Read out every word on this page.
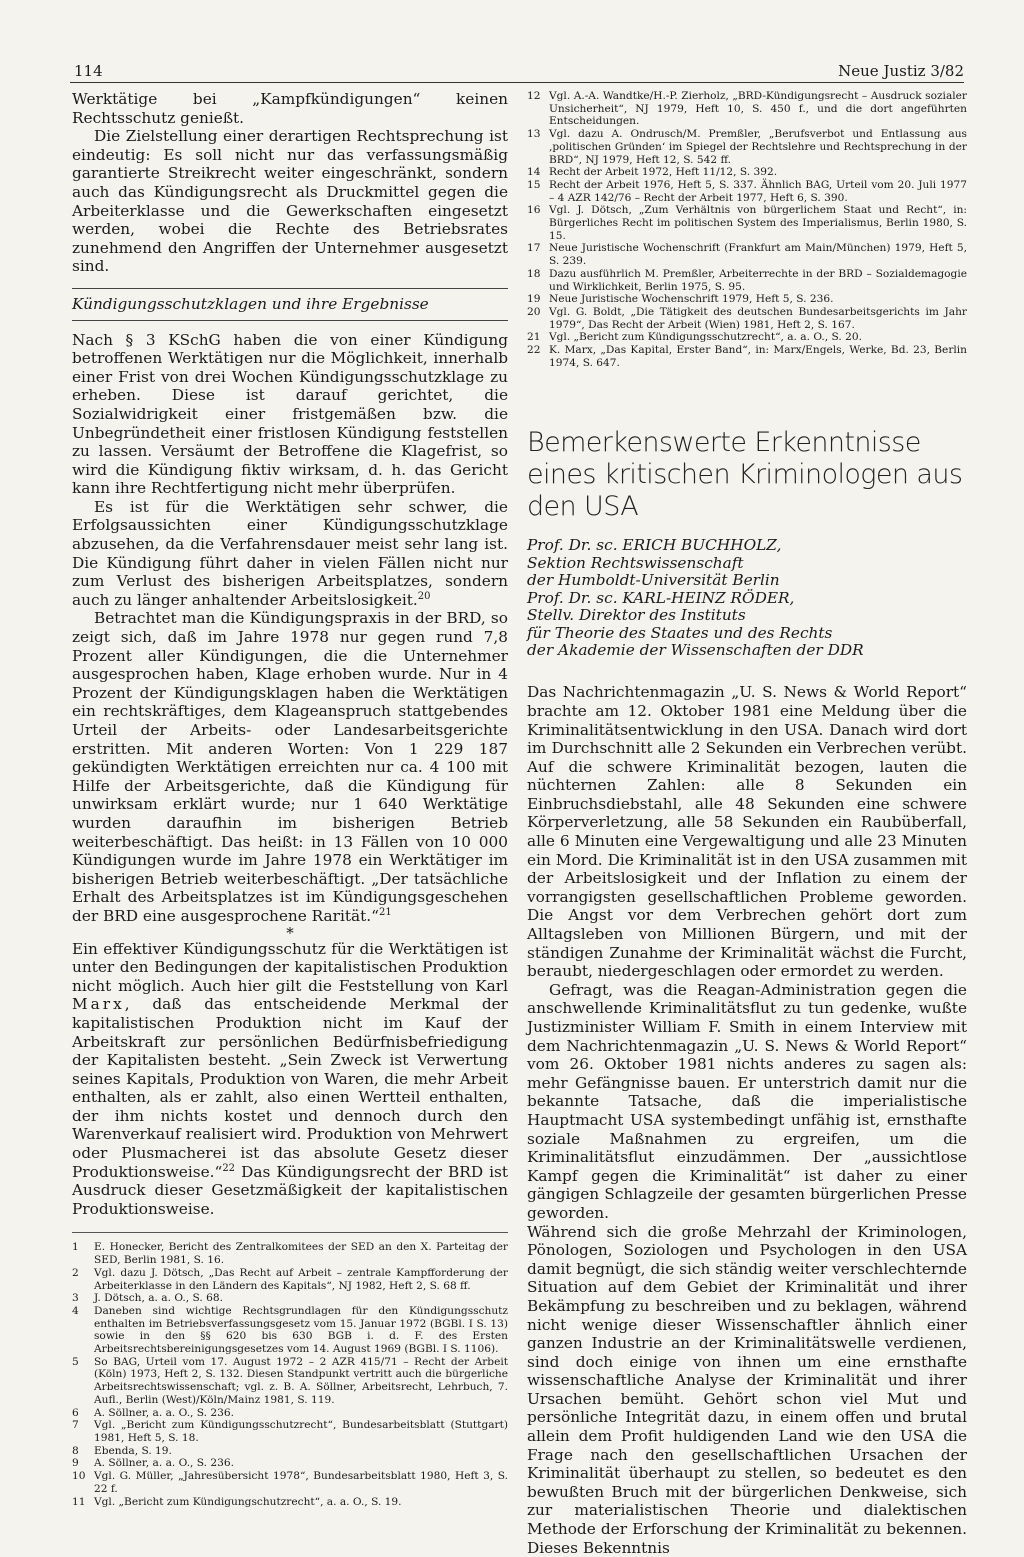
114	Neue Justiz 3/82

Werktätige bei „Kampfkündigungen“ keinen Rechtsschutz genießt.

Die Zielstellung einer derartigen Rechtsprechung ist eindeutig: Es soll nicht nur das verfassungsmäßig garantierte Streikrecht weiter eingeschränkt, sondern auch das Kündigungsrecht als Druckmittel gegen die Arbeiterklasse und die Gewerkschaften eingesetzt werden, wobei die Rechte des Betriebsrates zunehmend den Angriffen der Unternehmer ausgesetzt sind.

Kündigungsschutzklagen und ihre Ergebnisse

Nach § 3 KSchG haben die von einer Kündigung betroffenen Werktätigen nur die Möglichkeit, innerhalb einer Frist von drei Wochen Kündigungsschutzklage zu erheben. Diese ist darauf gerichtet, die Sozialwidrigkeit einer fristgemäßen bzw. die Unbegründetheit einer fristlosen Kündigung feststellen zu lassen. Versäumt der Betroffene die Klagefrist, so wird die Kündigung fiktiv wirksam, d. h. das Gericht kann ihre Rechtfertigung nicht mehr überprüfen.

Es ist für die Werktätigen sehr schwer, die Erfolgsaussichten einer Kündigungsschutzklage abzusehen, da die Verfahrensdauer meist sehr lang ist. Die Kündigung führt daher in vielen Fällen nicht nur zum Verlust des bisherigen Arbeitsplatzes, sondern auch zu länger anhaltender Arbeitslosigkeit.$^{20}$

Betrachtet man die Kündigungspraxis in der BRD, so zeigt sich, daß im Jahre 1978 nur gegen rund 7,8 Prozent aller Kündigungen, die die Unternehmer ausgesprochen haben, Klage erhoben wurde. Nur in 4 Prozent der Kündigungsklagen haben die Werktätigen ein rechtskräftiges, dem Klageanspruch stattgebendes Urteil der Arbeits- oder Landesarbeitsgerichte erstritten. Mit anderen Worten: Von 1 229 187 gekündigten Werktätigen erreichten nur ca. 4 100 mit Hilfe der Arbeitsgerichte, daß die Kündigung für unwirksam erklärt wurde; nur 1 640 Werktätige wurden daraufhin im bisherigen Betrieb weiterbeschäftigt. Das heißt: in 13 Fällen von 10 000 Kündigungen wurde im Jahre 1978 ein Werktätiger im bisherigen Betrieb weiterbeschäftigt. „Der tatsächliche Erhalt des Arbeitsplatzes ist im Kündigungsgeschehen der BRD eine ausgesprochene Rarität.“$^{21}$

*

Ein effektiver Kündigungsschutz für die Werktätigen ist unter den Bedingungen der kapitalistischen Produktion nicht möglich. Auch hier gilt die Feststellung von Karl Marx, daß das entscheidende Merkmal der kapitalistischen Produktion nicht im Kauf der Arbeitskraft zur persönlichen Bedürfnisbefriedigung der Kapitalisten besteht. „Sein Zweck ist Verwertung seines Kapitals, Produktion von Waren, die mehr Arbeit enthalten, als er zahlt, also einen Wertteil enthalten, der ihm nichts kostet und dennoch durch den Warenverkauf realisiert wird. Produktion von Mehrwert oder Plusmacherei ist das absolute Gesetz dieser Produktionsweise.“$^{22}$ Das Kündigungsrecht der BRD ist Ausdruck dieser Gesetzmäßigkeit der kapitalistischen Produktionsweise.

1	E. Honecker, Bericht des Zentralkomitees der SED an den X. Parteitag der SED, Berlin 1981, S. 16.
2	Vgl. dazu J. Dötsch, „Das Recht auf Arbeit – zentrale Kampfforderung der Arbeiterklasse in den Ländern des Kapitals“, NJ 1982, Heft 2, S. 68 ff.
3	J. Dötsch, a. a. O., S. 68.
4	Daneben sind wichtige Rechtsgrundlagen für den Kündigungsschutz enthalten im Betriebsverfassungsgesetz vom 15. Januar 1972 (BGBl. I S. 13) sowie in den §§ 620 bis 630 BGB i. d. F. des Ersten Arbeitsrechtsbereinigungsgesetzes vom 14. August 1969 (BGBl. I S. 1106).
5	So BAG, Urteil vom 17. August 1972 – 2 AZR 415/71 – Recht der Arbeit (Köln) 1973, Heft 2, S. 132. Diesen Standpunkt vertritt auch die bürgerliche Arbeitsrechtswissenschaft; vgl. z. B. A. Söllner, Arbeitsrecht, Lehrbuch, 7. Aufl., Berlin (West)/Köln/Mainz 1981, S. 119.
6	A. Söllner, a. a. O., S. 236.
7	Vgl. „Bericht zum Kündigungsschutzrecht“, Bundesarbeitsblatt (Stuttgart) 1981, Heft 5, S. 18.
8	Ebenda, S. 19.
9	A. Söllner, a. a. O., S. 236.
10 Vgl. G. Müller, „Jahresübersicht 1978“, Bundesarbeitsblatt 1980, Heft 3, S. 22 f.
11 Vgl. „Bericht zum Kündigungschutzrecht“, a. a. O., S. 19.
12 Vgl. A.-A. Wandtke/H.-P. Zierholz, „BRD-Kündigungsrecht – Ausdruck sozialer Unsicherheit“, NJ 1979, Heft 10, S. 450 f., und die dort angeführten Entscheidungen.
13 Vgl. dazu A. Ondrusch/M. Premßler, „Berufsverbot und Entlassung aus ‚politischen Gründen‘ im Spiegel der Rechtslehre und Rechtsprechung in der BRD“, NJ 1979, Heft 12, S. 542 ff.
14 Recht der Arbeit 1972, Heft 11/12, S. 392.
15 Recht der Arbeit 1976, Heft 5, S. 337. Ähnlich BAG, Urteil vom 20. Juli 1977 – 4 AZR 142/76 – Recht der Arbeit 1977, Heft 6, S. 390.
16 Vgl. J. Dötsch, „Zum Verhältnis von bürgerlichem Staat und Recht“, in: Bürgerliches Recht im politischen System des Imperialismus, Berlin 1980, S. 15.
17 Neue Juristische Wochenschrift (Frankfurt am Main/München) 1979, Heft 5, S. 239.
18 Dazu ausführlich M. Premßler, Arbeiterrechte in der BRD – Sozialdemagogie und Wirklichkeit, Berlin 1975, S. 95.
19 Neue Juristische Wochenschrift 1979, Heft 5, S. 236.
20 Vgl. G. Boldt, „Die Tätigkeit des deutschen Bundesarbeitsgerichts im Jahr 1979“, Das Recht der Arbeit (Wien) 1981, Heft 2, S. 167.
21 Vgl. „Bericht zum Kündigungsschutzrecht“, a. a. O., S. 20.
22 K. Marx, „Das Kapital, Erster Band“, in: Marx/Engels, Werke, Bd. 23, Berlin 1974, S. 647.
Bemerkenswerte Erkenntnisse
eines kritischen Kriminologen aus den USA
Prof. Dr. sc. ERICH BUCHHOLZ,
Sektion Rechtswissenschaft
der Humboldt-Universität Berlin
Prof. Dr. sc. KARL-HEINZ RÖDER,
Stellv. Direktor des Instituts
für Theorie des Staates und des Rechts
der Akademie der Wissenschaften der DDR

Das Nachrichtenmagazin „U. S. News & World Report“ brachte am 12. Oktober 1981 eine Meldung über die Kriminalitätsentwicklung in den USA. Danach wird dort im Durchschnitt alle 2 Sekunden ein Verbrechen verübt. Auf die schwere Kriminalität bezogen, lauten die nüchternen Zahlen: alle 8 Sekunden ein Einbruchsdiebstahl, alle 48 Sekunden eine schwere Körperverletzung, alle 58 Sekunden ein Raubüberfall, alle 6 Minuten eine Vergewaltigung und alle 23 Minuten ein Mord. Die Kriminalität ist in den USA zusammen mit der Arbeitslosigkeit und der Inflation zu einem der vorrangigsten gesellschaftlichen Probleme geworden. Die Angst vor dem Verbrechen gehört dort zum Alltagsleben von Millionen Bürgern, und mit der ständigen Zunahme der Kriminalität wächst die Furcht, beraubt, niedergeschlagen oder ermordet zu werden.

Gefragt, was die Reagan-Administration gegen die anschwellende Kriminalitätsflut zu tun gedenke, wußte Justizminister William F. Smith in einem Interview mit dem Nachrichtenmagazin „U. S. News & World Report“ vom 26. Oktober 1981 nichts anderes zu sagen als: mehr Gefängnisse bauen. Er unterstrich damit nur die bekannte Tatsache, daß die imperialistische Hauptmacht USA systembedingt unfähig ist, ernsthafte soziale Maßnahmen zu ergreifen, um die Kriminalitätsflut einzudämmen. Der „aussichtlose Kampf gegen die Kriminalität“ ist daher zu einer gängigen Schlagzeile der gesamten bürgerlichen Presse geworden.

Während sich die große Mehrzahl der Kriminologen, Pönologen, Soziologen und Psychologen in den USA damit begnügt, die sich ständig weiter verschlechternde Situation auf dem Gebiet der Kriminalität und ihrer Bekämpfung zu beschreiben und zu beklagen, während nicht wenige dieser Wissenschaftler ähnlich einer ganzen Industrie an der Kriminalitätswelle verdienen, sind doch einige von ihnen um eine ernsthafte wissenschaftliche Analyse der Kriminalität und ihrer Ursachen bemüht. Gehört schon viel Mut und persönliche Integrität dazu, in einem offen und brutal allein dem Profit huldigenden Land wie den USA die Frage nach den gesellschaftlichen Ursachen der Kriminalität überhaupt zu stellen, so bedeutet es den bewußten Bruch mit der bürgerlichen Denkweise, sich zur materialistischen Theorie und dialektischen Methode der Erforschung der Kriminalität zu bekennen. Dieses Bekenntnis
